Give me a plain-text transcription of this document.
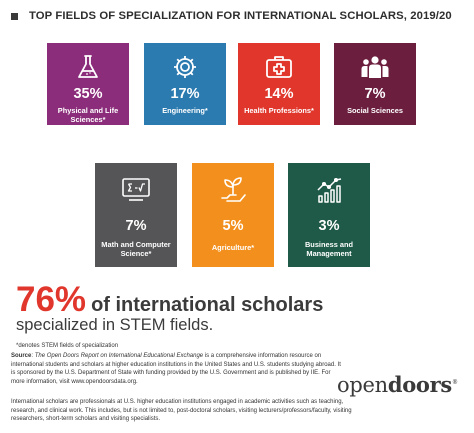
TOP FIELDS OF SPECIALIZATION FOR INTERNATIONAL SCHOLARS, 2019/20
35%
Physical and Life Sciences*
17%
Engineering*
14%
Health Professions*
7%
Social Sciences
7%
Math and Computer Science*
5%
Agriculture*
3%
Business and Management
76% of international scholars
specialized in STEM fields.
*denotes STEM fields of specialization
Source: The Open Doors Report on International Educational Exchange is a comprehensive information resource on international students and scholars at higher education institutions in the United States and U.S. students studying abroad. It is sponsored by the U.S. Department of State with funding provided by the U.S. Government and is published by IIE. For more information, visit www.opendoorsdata.org.
International scholars are professionals at U.S. higher education institutions engaged in academic activities such as teaching, research, and clinical work. This includes, but is not limited to, post-doctoral scholars, visiting lecturers/professors/faculty, visiting researchers, short-term scholars and visiting specialists.
opendoors®
